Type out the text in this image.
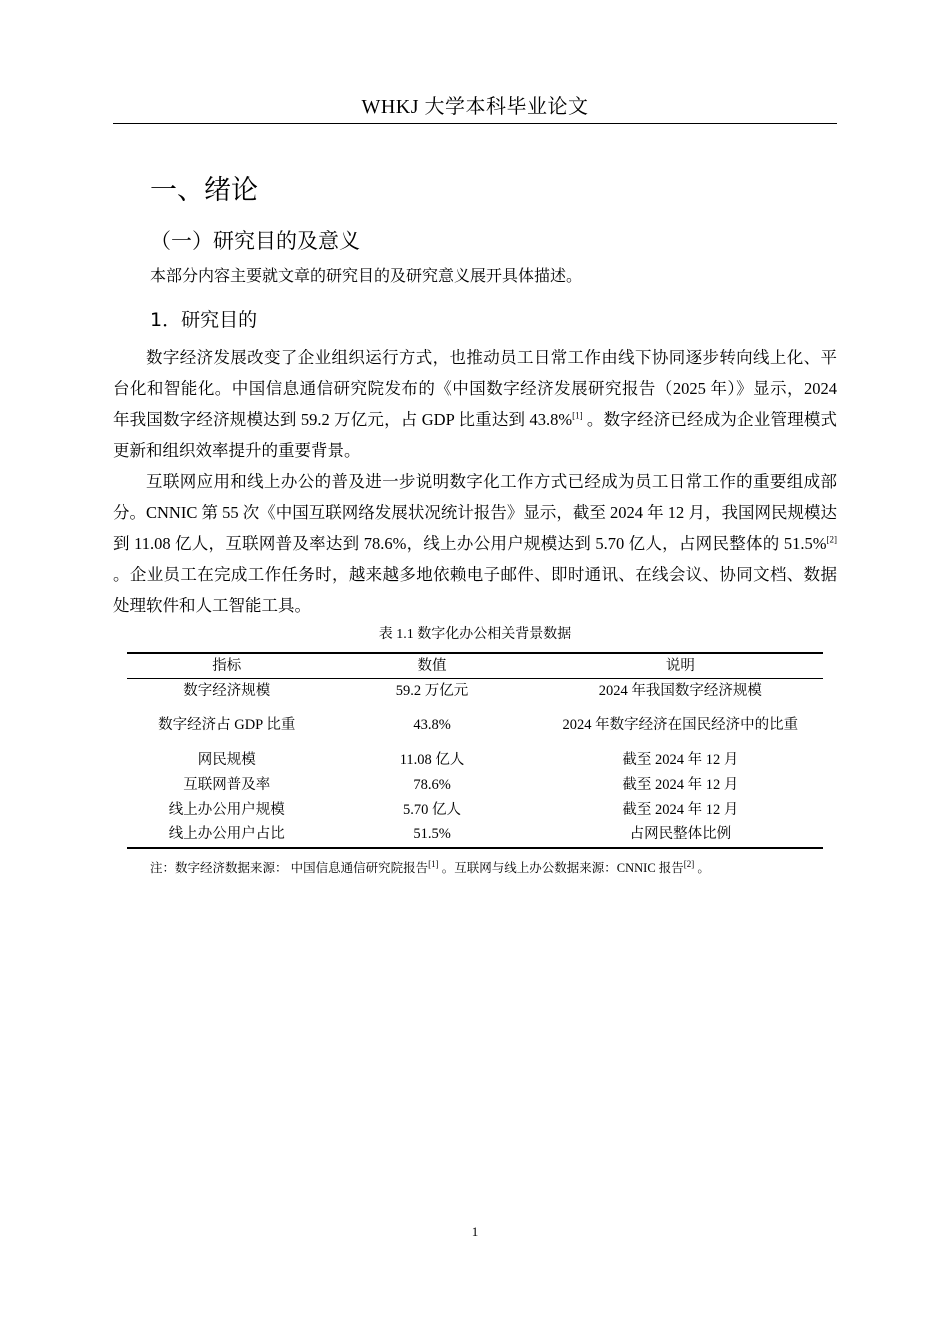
WHKJ 大学本科毕业论文
一、绪论
（一）研究目的及意义
本部分内容主要就文章的研究目的及研究意义展开具体描述。
1．研究目的

数字经济发展改变了企业组织运行方式，也推动员工日常工作由线下协同逐步转向线上化、平台化和智能化。中国信息通信研究院发布的《中国数字经济发展研究报告（2025 年）》显示，2024 年我国数字经济规模达到 59.2 万亿元，占 GDP 比重达到 43.8%[1] 。数字经济已经成为企业管理模式更新和组织效率提升的重要背景。

互联网应用和线上办公的普及进一步说明数字化工作方式已经成为员工日常工作的重要组成部分。CNNIC 第 55 次《中国互联网络发展状况统计报告》显示，截至 2024 年 12 月，我国网民规模达到 11.08 亿人，互联网普及率达到 78.6%，线上办公用户规模达到 5.70 亿人，占网民整体的 51.5%[2] 。企业员工在完成工作任务时，越来越多地依赖电子邮件、即时通讯、在线会议、协同文档、数据处理软件和人工智能工具。

表 1.1 数字化办公相关背景数据
指标	数值	说明
数字经济规模	59.2 万亿元	2024 年我国数字经济规模
数字经济占 GDP 比重	43.8%	2024 年数字经济在国民经济中的比重
网民规模	11.08 亿人	截至 2024 年 12 月
互联网普及率	78.6%	截至 2024 年 12 月
线上办公用户规模	5.70 亿人	截至 2024 年 12 月
线上办公用户占比	51.5%	占网民整体比例
注：数字经济数据来源： 中国信息通信研究院报告[1] 。互联网与线上办公数据来源：CNNIC 报告[2] 。
1
